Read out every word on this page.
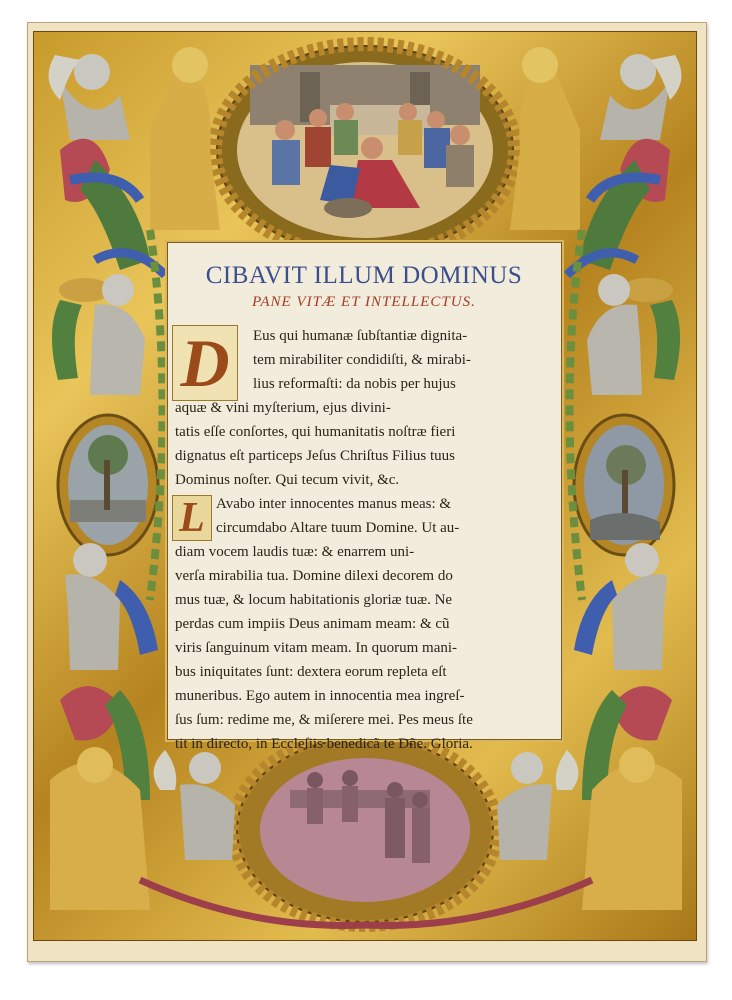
CIBAVIT ILLUM DOMINUS
PANE VITÆ ET INTELLECTUS.
D	Eus qui humanæ ſubſtantiæ dignita-
tem mirabiliter condidiſti, & mirabi-
lius reformaſti: da nobis per hujus
aquæ & vini myſterium, ejus divini-
tatis eſſe conſortes, qui humanitatis noſtræ fieri
dignatus eſt particeps Jeſus Chriſtus Filius tuus
Dominus noſter. Qui tecum vivit, &c.
L Avabo inter innocentes manus meas: &
circumdabo Altare tuum Domine. Ut au-
diam vocem laudis tuæ: & enarrem uni-
verſa mirabilia tua. Domine dilexi decorem do
mus tuæ, & locum habitationis gloriæ tuæ. Ne
perdas cum impiis Deus animam meam: & cũ
viris ſanguinum vitam meam. In quorum mani-
bus iniquitates ſunt: dextera eorum repleta eſt
muneribus. Ego autem in innocentia mea ingreſ-
ſus ſum: redime me, & miſerere mei. Pes meus ſte
tit in directo, in Eccleſiis benedicã te Dñe. Gloria.
